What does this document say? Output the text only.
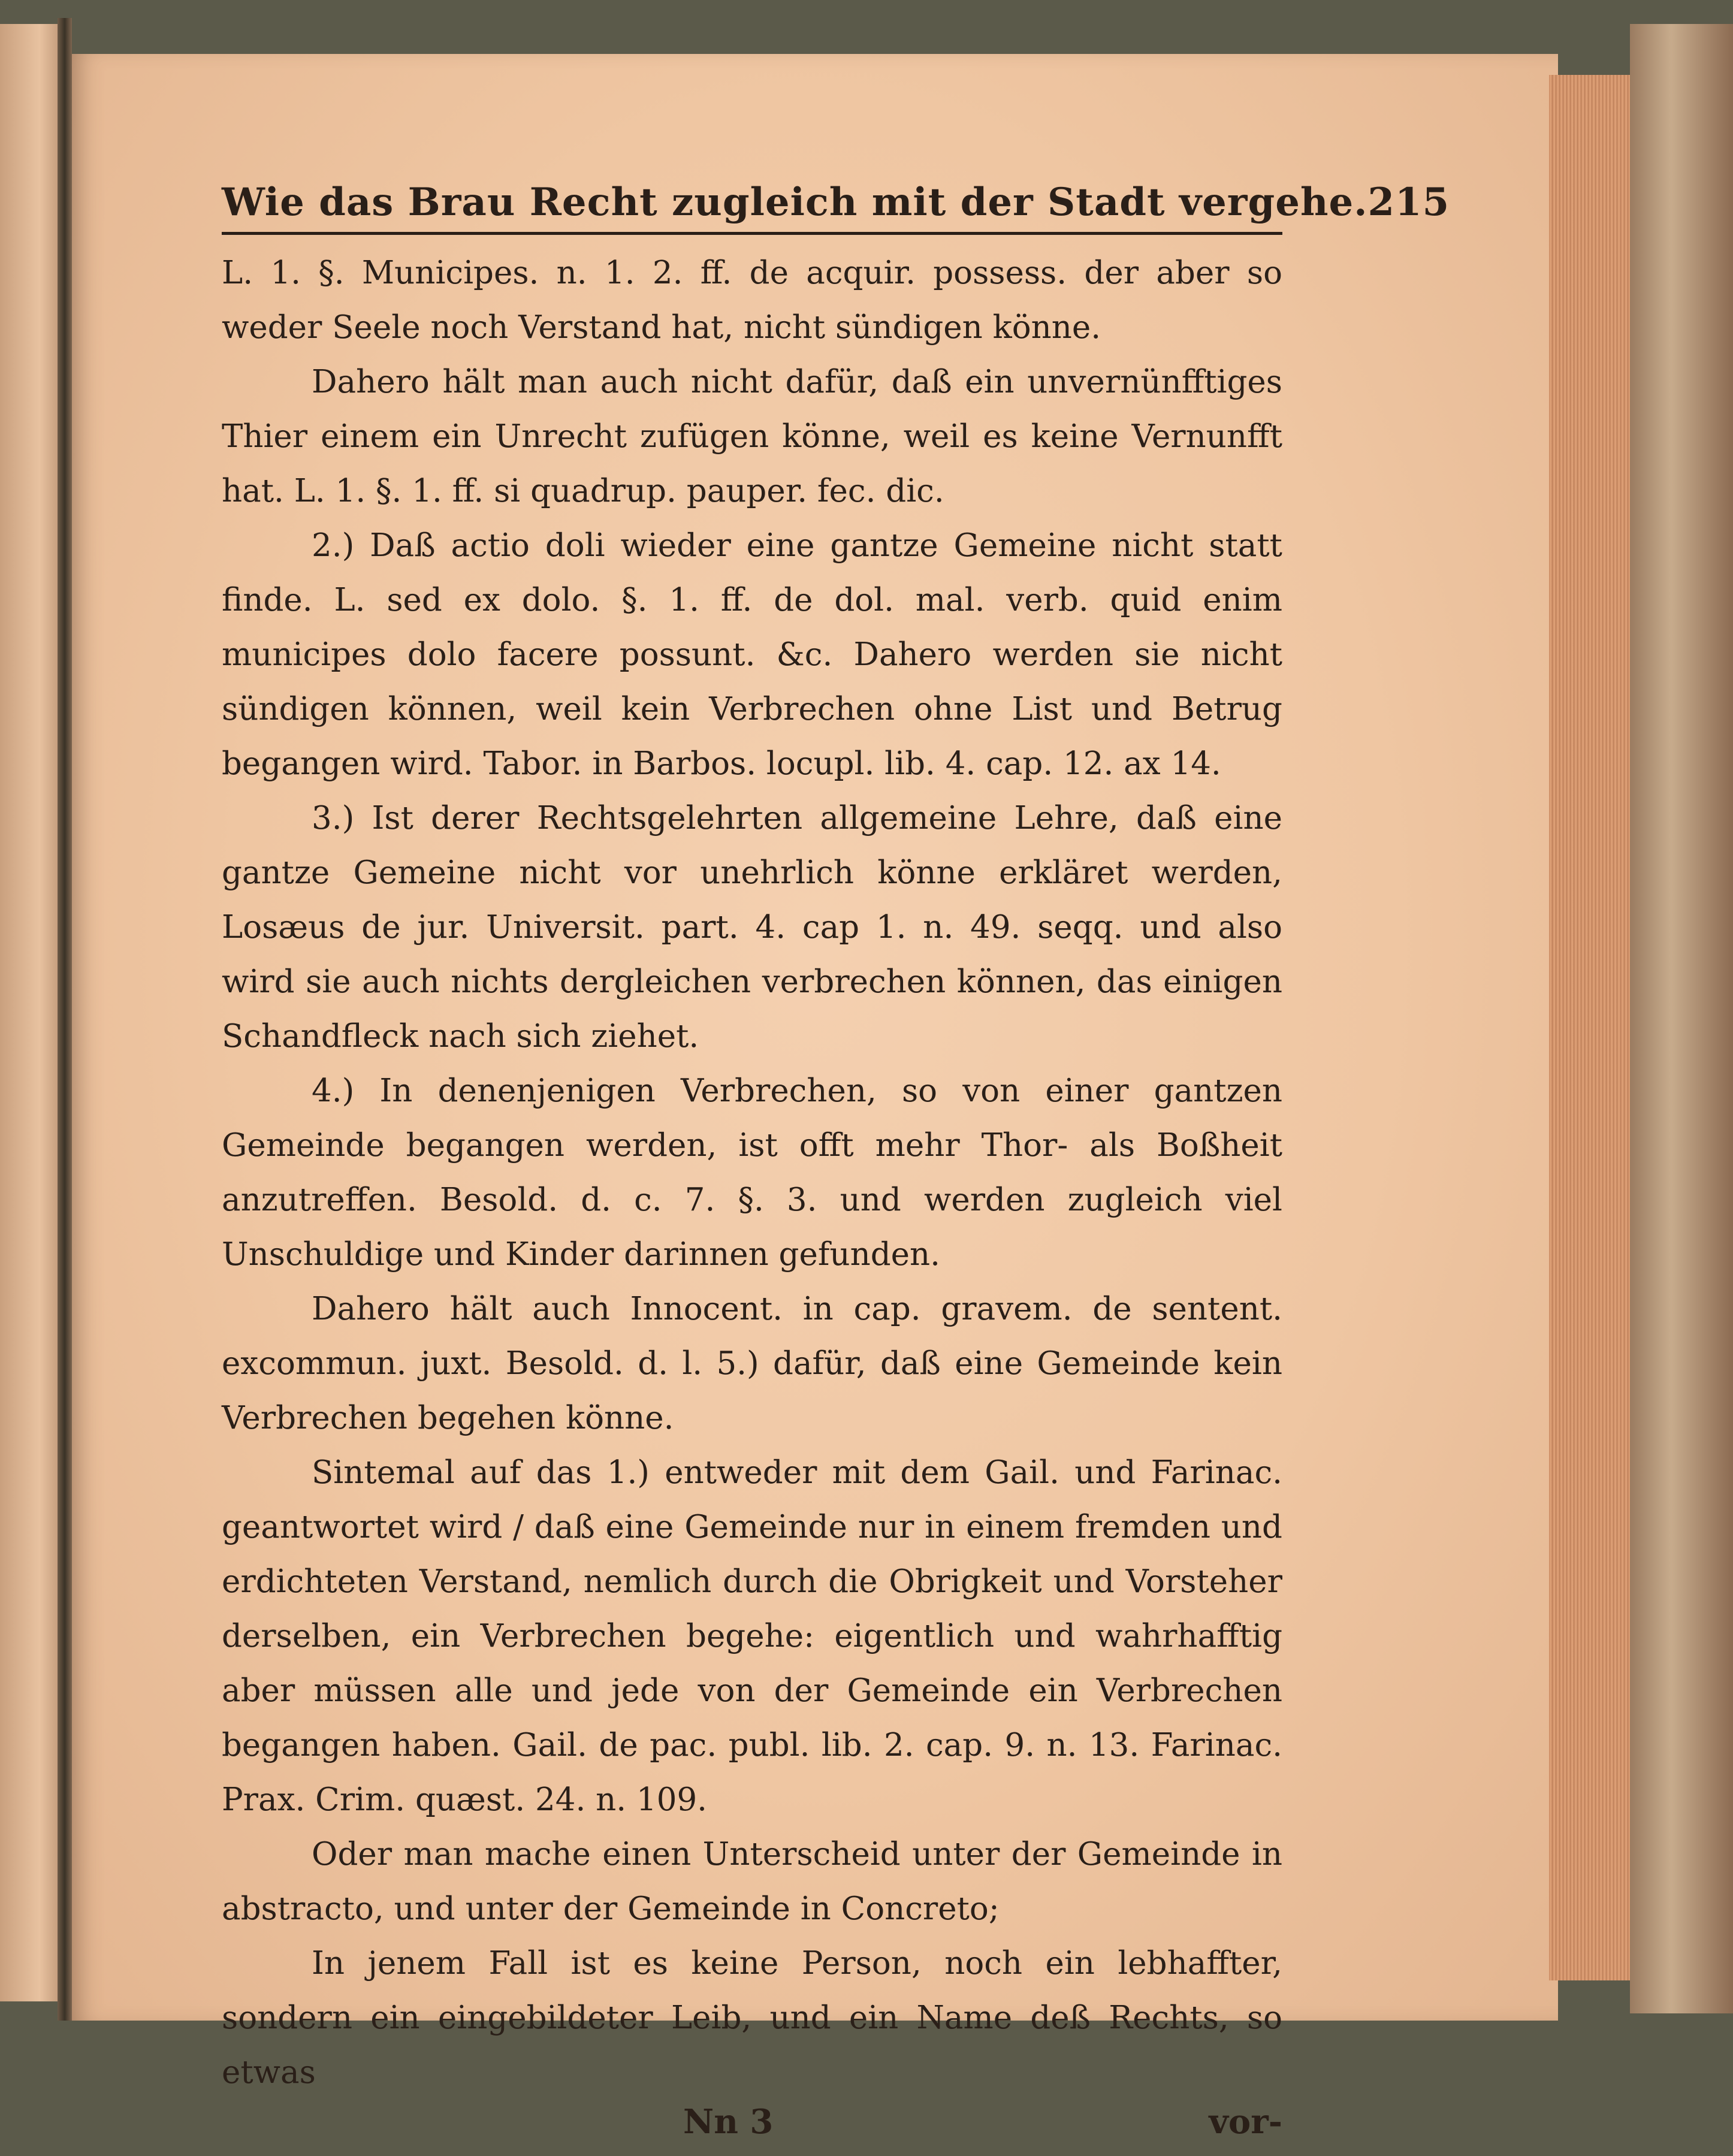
Wie das Brau Recht zugleich mit der Stadt vergehe. 215

L. 1. §. Municipes. n. 1. 2. ff. de acquir. possess. der aber so weder Seele noch Verstand hat, nicht sündigen könne.

Dahero hält man auch nicht dafür, daß ein unvernünfftiges Thier einem ein Unrecht zufügen könne, weil es keine Vernunfft hat. L. 1. §. 1. ff. si quadrup. pauper. fec. dic.

2.) Daß actio doli wieder eine gantze Gemeine nicht statt finde. L. sed ex dolo. §. 1. ff. de dol. mal. verb. quid enim municipes dolo facere possunt. &c. Dahero werden sie nicht sündigen können, weil kein Verbrechen ohne List und Betrug begangen wird. Tabor. in Barbos. locupl. lib. 4. cap. 12. ax 14.

3.) Ist derer Rechtsgelehrten allgemeine Lehre, daß eine gantze Gemeine nicht vor unehrlich könne erkläret werden, Losæus de jur. Universit. part. 4. cap 1. n. 49. seqq. und also wird sie auch nichts dergleichen verbrechen können, das einigen Schandfleck nach sich ziehet.

4.) In denenjenigen Verbrechen, so von einer gantzen Gemeinde begangen werden, ist offt mehr Thor- als Boßheit anzutreffen. Besold. d. c. 7. §. 3. und werden zugleich viel Unschuldige und Kinder darinnen gefunden.

Dahero hält auch Innocent. in cap. gravem. de sentent. excommun. juxt. Besold. d. l. 5.) dafür, daß eine Gemeinde kein Verbrechen begehen könne.

Sintemal auf das 1.) entweder mit dem Gail. und Farinac. geantwortet wird / daß eine Gemeinde nur in einem fremden und erdichteten Verstand, nemlich durch die Obrigkeit und Vorsteher derselben, ein Verbrechen begehe: eigentlich und wahrhafftig aber müssen alle und jede von der Gemeinde ein Verbrechen begangen haben. Gail. de pac. publ. lib. 2. cap. 9. n. 13. Farinac. Prax. Crim. quæst. 24. n. 109.

Oder man mache einen Unterscheid unter der Gemeinde in abstracto, und unter der Gemeinde in Concreto;

In jenem Fall ist es keine Person, noch ein lebhaffter, sondern ein eingebildeter Leib, und ein Name deß Rechts, so etwas

Nn 3	vor-
